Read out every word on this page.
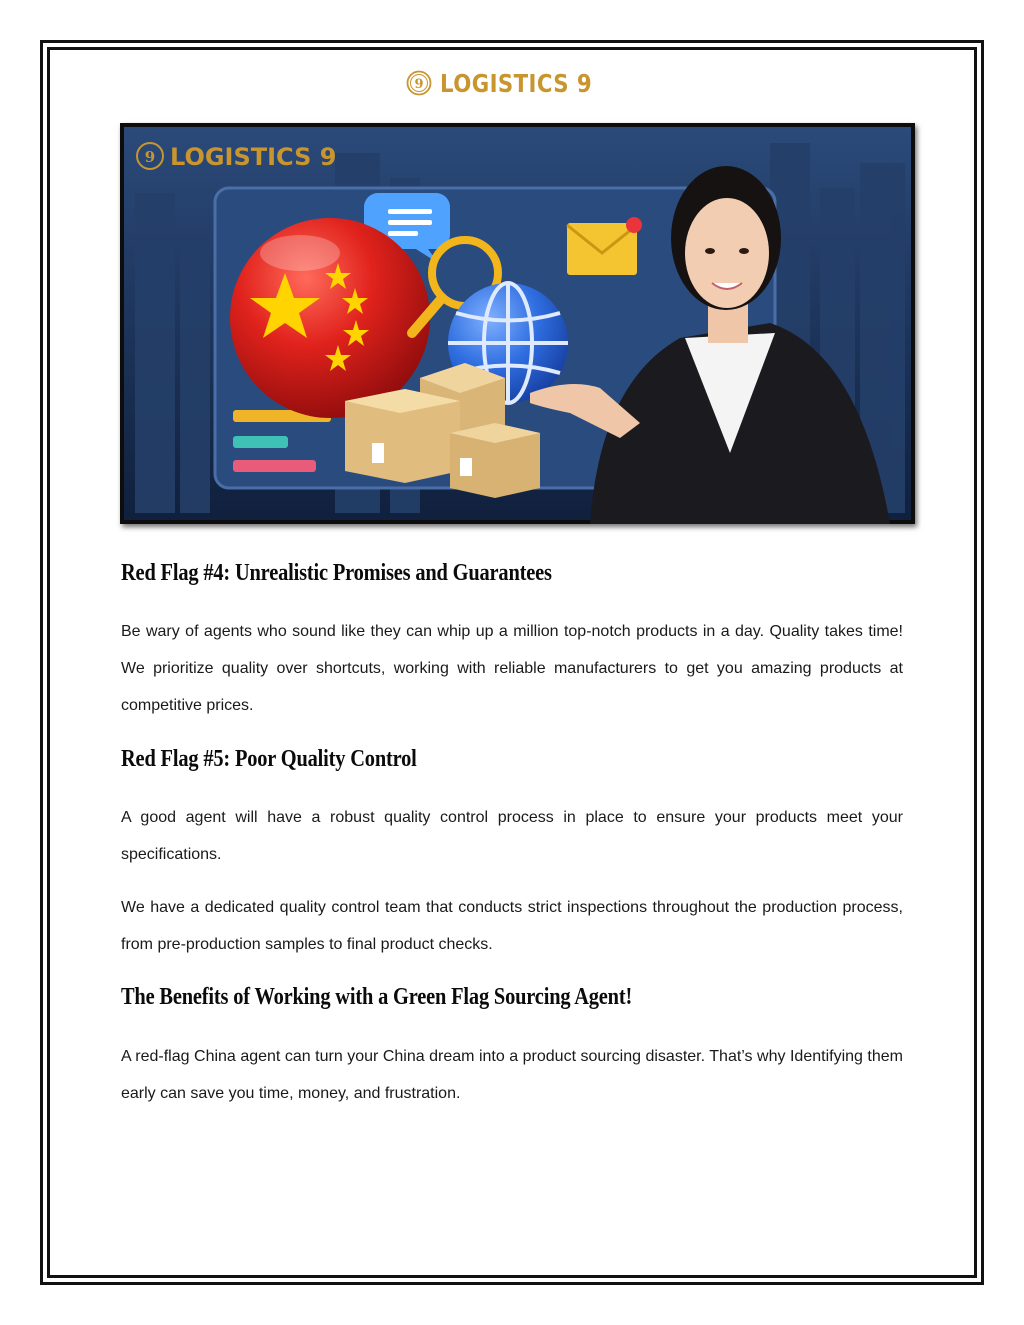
9 LOGISTICS 9
9 LOGISTICS 9
Red Flag #4: Unrealistic Promises and Guarantees

Be wary of agents who sound like they can whip up a million top-notch products in a day. Quality takes time! We prioritize quality over shortcuts, working with reliable manufacturers to get you amazing products at competitive prices.

Red Flag #5: Poor Quality Control

A good agent will have a robust quality control process in place to ensure your products meet your specifications.

We have a dedicated quality control team that conducts strict inspections throughout the production process, from pre-production samples to final product checks.

The Benefits of Working with a Green Flag Sourcing Agent!

A red-flag China agent can turn your China dream into a product sourcing disaster. That’s why Identifying them early can save you time, money, and frustration.
